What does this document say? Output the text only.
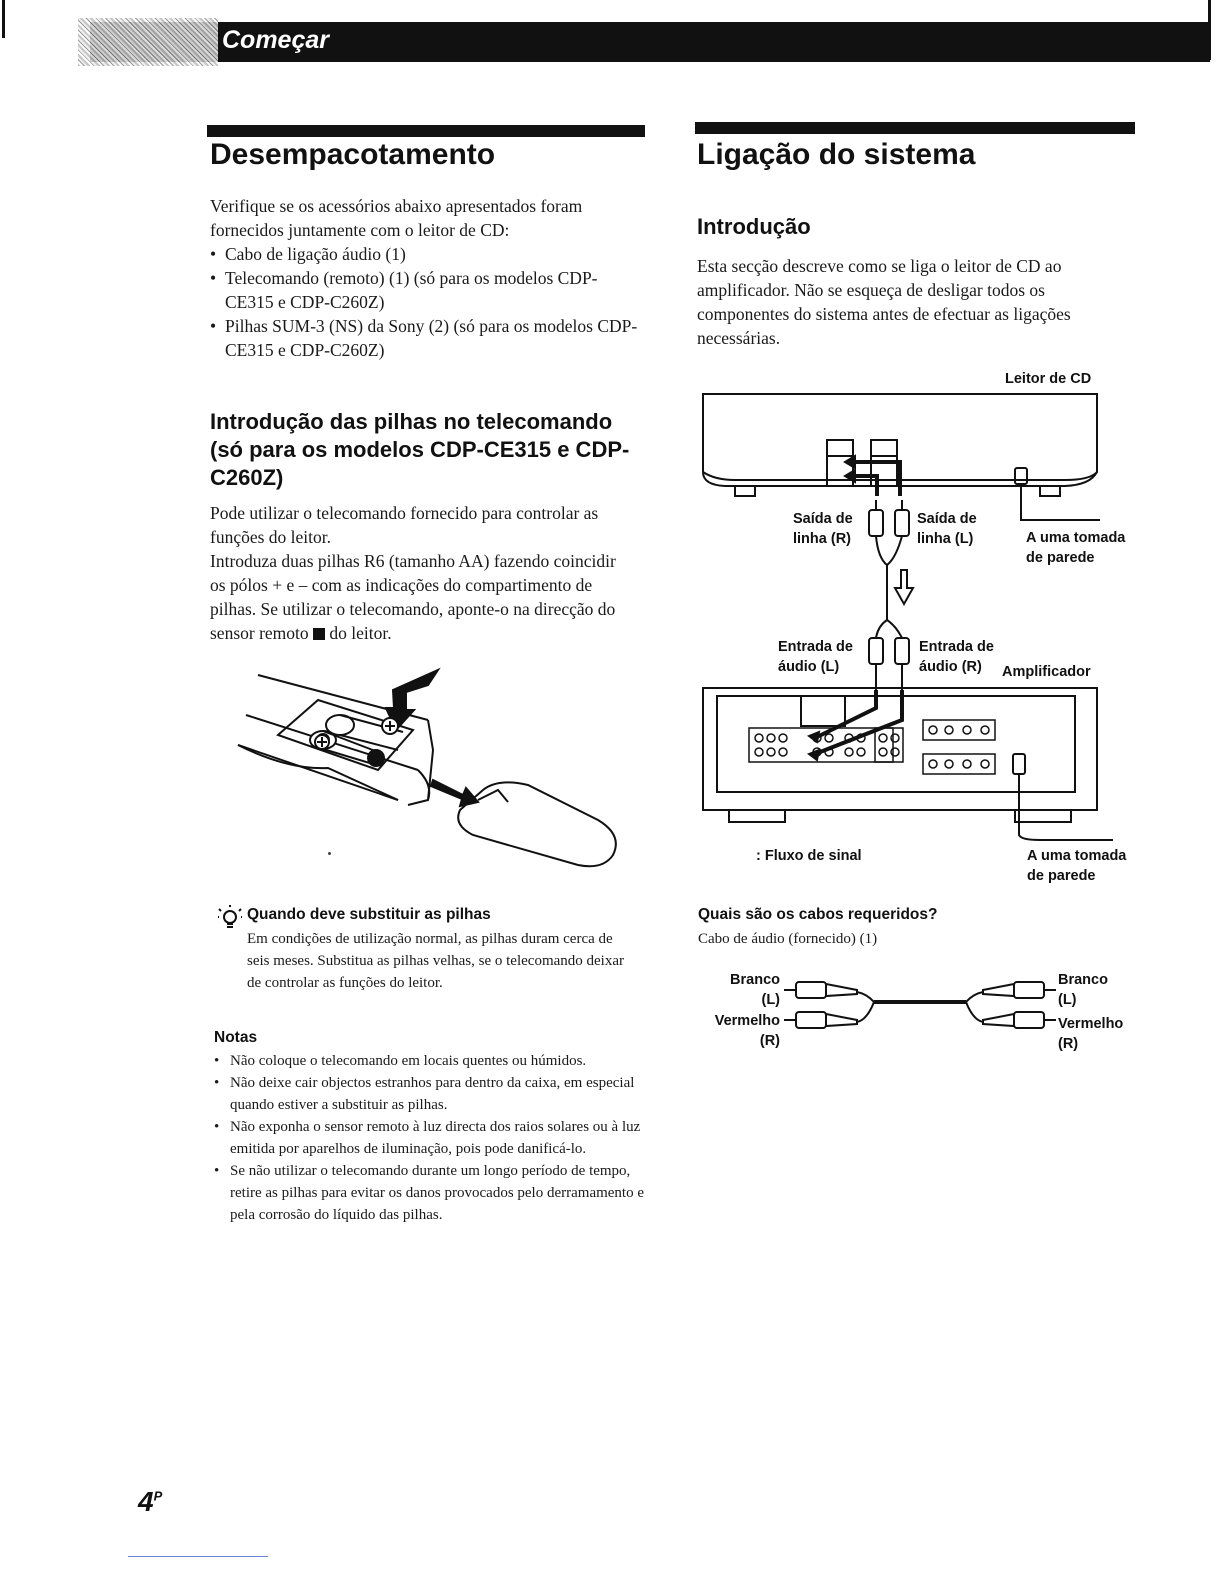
Começar
Desempacotamento

Verifique se os acessórios abaixo apresentados foram fornecidos juntamente com o leitor de CD:

• Cabo de ligação áudio (1)
• Telecomando (remoto) (1) (só para os modelos CDP-CE315 e CDP-C260Z)
• Pilhas SUM-3 (NS) da Sony (2) (só para os modelos CDP-CE315 e CDP-C260Z)
Introdução das pilhas no telecomando (só para os modelos CDP-CE315 e CDP-C260Z)

Pode utilizar o telecomando fornecido para controlar as funções do leitor.

Introduza duas pilhas R6 (tamanho AA) fazendo coincidir os pólos + e – com as indicações do compartimento de pilhas. Se utilizar o telecomando, aponte-o na direcção do sensor remoto do leitor.

Quando deve substituir as pilhas

Em condições de utilização normal, as pilhas duram cerca de seis meses. Substitua as pilhas velhas, se o telecomando deixar de controlar as funções do leitor.

Notas
• Não coloque o telecomando em locais quentes ou húmidos.
• Não deixe cair objectos estranhos para dentro da caixa, em especial quando estiver a substituir as pilhas.
• Não exponha o sensor remoto à luz directa dos raios solares ou à luz emitida por aparelhos de iluminação, pois pode danificá-lo.
• Se não utilizar o telecomando durante um longo período de tempo, retire as pilhas para evitar os danos provocados pelo derramamento e pela corrosão do líquido das pilhas.
Ligação do sistema
Introdução

Esta secção descreve como se liga o leitor de CD ao amplificador. Não se esqueça de desligar todos os componentes do sistema antes de efectuar as ligações necessárias.

Leitor de CD
Saída de
linha (R)
Saída de
linha (L)	A uma tomada
de parede
Entrada de
áudio (L)
Entrada de
áudio (R)	Amplificador
: Fluxo de sinal	A uma tomada
de parede
Quais são os cabos requeridos?

Cabo de áudio (fornecido) (1)

Branco
(L)
Vermelho
(R)
Branco
(L)
Vermelho
(R)
$4^P$
